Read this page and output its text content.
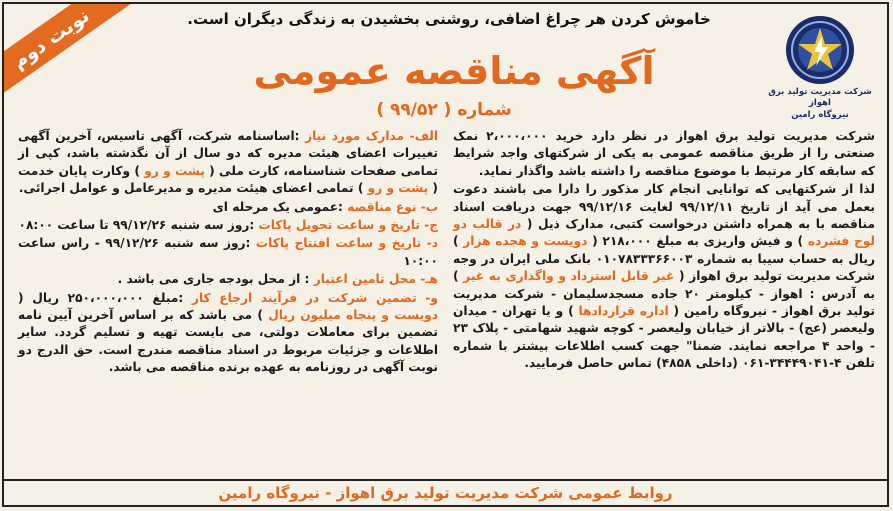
نوبت دوم	خاموش کردن هر چراغ اضافی، روشنی بخشیدن به زندگی دیگران است.
شرکت مدیریت تولید برق اهواز
نیروگاه رامین
آگهی مناقصه عمومی
شماره ( ۹۹/۵۲ )

شرکت مدیریت تولید برق اهواز در نظر دارد خرید ۲،۰۰۰،۰۰۰ نمک صنعتی را از طریق مناقصه عمومی به یکی از شرکتهای واجد شرایط که سابقه کار مرتبط با موضوع مناقصه را داشته باشد واگذار نماید.

لذا از شرکتهایی که توانایی انجام کار مذکور را دارا می باشند دعوت بعمل می آید از تاریخ ۹۹/۱۲/۱۱ لغایت ۹۹/۱۲/۱۶ جهت دریافت اسناد مناقصه با به همراه داشتن درخواست کتبی، مدارک ذیل ( در قالب دو لوح فشرده ) و فیش واریزی به مبلغ ۲۱۸،۰۰۰ ( دویست و هجده هزار ) ریال به حساب سیبا به شماره ۰۱۰۷۸۳۳۳۶۶۰۰۳ بانک ملی ایران در وجه شرکت مدیریت تولید برق اهواز ( غیر قابل استرداد و واگذاری به غیر ) به آدرس : اهواز - کیلومتر ۲۰ جاده مسجدسلیمان - شرکت مدیریت تولید برق اهواز - نیروگاه رامین ( اداره قراردادها ) و یا تهران - میدان ولیعصر (عج) - بالاتر از خیابان ولیعصر - کوچه شهید شهامتی - پلاک ۲۳ - واحد ۴ مراجعه نمایند. ضمنا" جهت کسب اطلاعات بیشتر با شماره تلفن ۴-۳۴۴۴۹۰۴۱-۰۶۱ (داخلی ۴۸۵۸) تماس حاصل فرمایید.

الف- مدارک مورد نیاز :اساسنامه شرکت، آگهی تاسیس، آخرین آگهی تغییرات اعضای هیئت مدیره که دو سال از آن نگذشته باشد، کپی از تمامی صفحات شناسنامه، کارت ملی ( پشت و رو ) وکارت پایان خدمت ( پشت و رو ) تمامی اعضای هیئت مدیره و مدیرعامل و عوامل اجرائی.

ب- نوع مناقصه :عمومی یک مرحله ای

ج- تاریخ و ساعت تحویل پاکات :روز سه شنبه ۹۹/۱۲/۲۶ تا ساعت ۰۸:۰۰

د- تاریخ و ساعت افتتاح پاکات :روز سه شنبه ۹۹/۱۲/۲۶ - راس ساعت ۱۰:۰۰

هـ- محل تامین اعتبار : از محل بودجه جاری می باشد .

و- تضمین شرکت در فرآیند ارجاع کار :مبلغ ۲۵۰،۰۰۰،۰۰۰ ریال ( دویست و پنجاه میلیون ریال ) می باشد که بر اساس آخرین آیین نامه تضمین برای معاملات دولتی، می بایست تهیه و تسلیم گردد. سایر اطلاعات و جزئیات مربوط در اسناد مناقصه مندرج است. حق الدرج دو نوبت آگهی در روزنامه به عهده برنده مناقصه می باشد.

روابط عمومی شرکت مدیریت تولید برق اهواز - نیروگاه رامین
